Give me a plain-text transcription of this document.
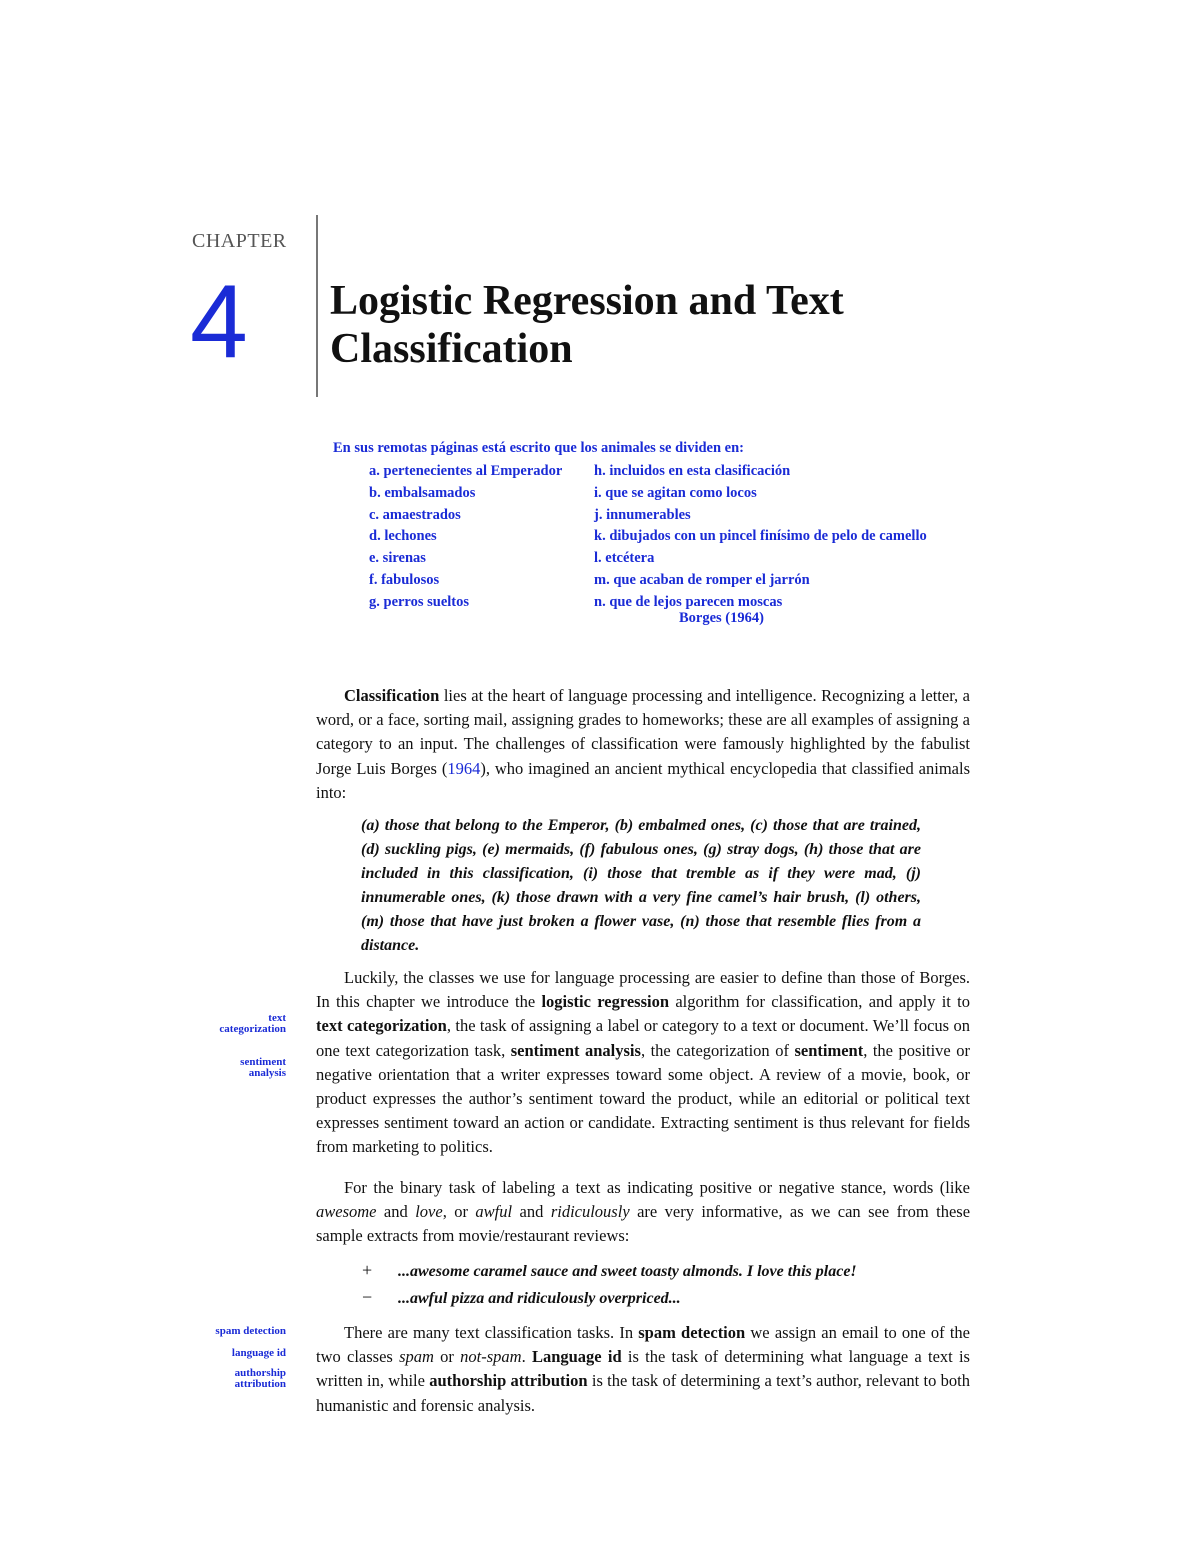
CHAPTER
4 Logistic Regression and Text
Classification
En sus remotas páginas está escrito que los animales se dividen en:
a. pertenecientes al Emperador
b. embalsamados
c. amaestrados
d. lechones
e. sirenas
f. fabulosos
g. perros sueltos
h. incluidos en esta clasificación
i. que se agitan como locos
j. innumerables
k. dibujados con un pincel finísimo de pelo de camello
l. etcétera
m. que acaban de romper el jarrón
n. que de lejos parecen moscas
Borges (1964)

Classification lies at the heart of language processing and intelligence. Recognizing a letter, a word, or a face, sorting mail, assigning grades to homeworks; these are all examples of assigning a category to an input. The challenges of classification were famously highlighted by the fabulist Jorge Luis Borges (1964), who imagined an ancient mythical encyclopedia that classified animals into:

(a) those that belong to the Emperor, (b) embalmed ones, (c) those that are trained, (d) suckling pigs, (e) mermaids, (f) fabulous ones, (g) stray dogs, (h) those that are included in this classification, (i) those that tremble as if they were mad, (j) innumerable ones, (k) those drawn with a very fine camel’s hair brush, (l) others, (m) those that have just broken a flower vase, (n) those that resemble flies from a distance.

Luckily, the classes we use for language processing are easier to define than those of Borges. In this chapter we introduce the logistic regression algorithm for classification, and apply it to text categorization, the task of assigning a label or category to a text or document. We’ll focus on one text categorization task, sentiment analysis, the categorization of sentiment, the positive or negative orientation that a writer expresses toward some object. A review of a movie, book, or product expresses the author’s sentiment toward the product, while an editorial or political text expresses sentiment toward an action or candidate. Extracting sentiment is thus relevant for fields from marketing to politics.

For the binary task of labeling a text as indicating positive or negative stance, words (like awesome and love, or awful and ridiculously are very informative, as we can see from these sample extracts from movie/restaurant reviews:

+ ...awesome caramel sauce and sweet toasty almonds. I love this place!
− ...awful pizza and ridiculously overpriced...

There are many text classification tasks. In spam detection we assign an email to one of the two classes spam or not-spam. Language id is the task of determining what language a text is written in, while authorship attribution is the task of determining a text’s author, relevant to both humanistic and forensic analysis.

text
categorization
sentiment
analysis
spam detection
language id
authorship
attribution
